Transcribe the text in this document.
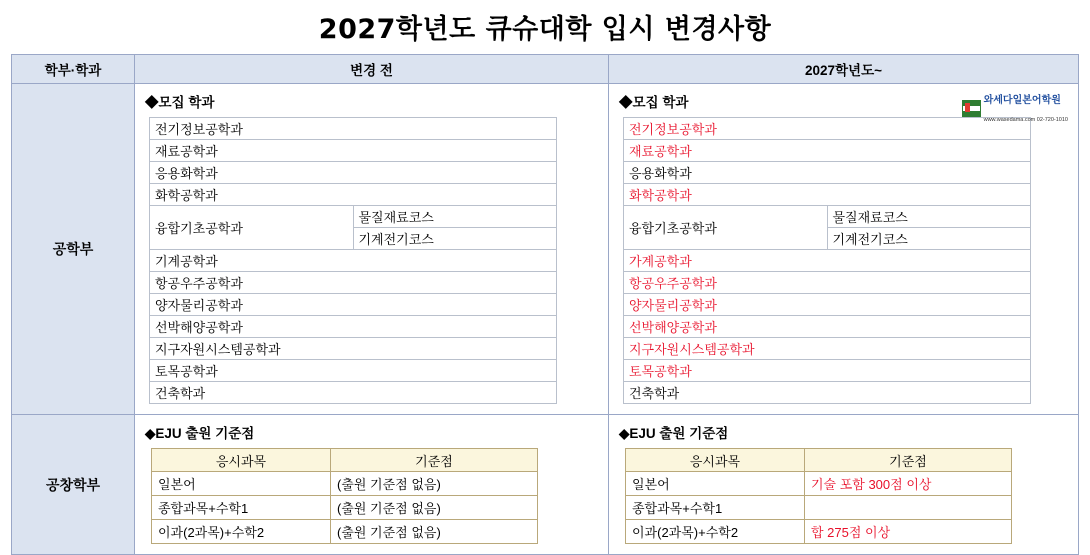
2027학년도 큐슈대학 입시 변경사항
학부·학과	변경 전	2027학년도~
공학부	
◆모집 학과
전기정보공학과
재료공학과
응용화학과
화학공학과
융합기초공학과	물질재료코스
기계전기코스
기계공학과
항공우주공학과
양자물리공학과
선박해양공학과
지구자원시스템공학과
토목공학과
건축학과

와세다일본어학원
www.wasedama.com 02-720-1010
◆모집 학과
전기정보공학과
재료공학과
응용화학과
화학공학과
융합기초공학과	물질재료코스
기계전기코스
가계공학과
항공우주공학과
양자물리공학과
선박해양공학과
지구자원시스템공학과
토목공학과
건축학과

공창학부	
◆EJU 출원 기준점
응시과목	기준점
일본어	(출원 기준점 없음)
종합과목+수학1	(출원 기준점 없음)
이과(2과목)+수학2	(출원 기준점 없음)

◆EJU 출원 기준점
응시과목	기준점
일본어	기술 포함 300점 이상
종합과목+수학1	
이과(2과목)+수학2	합 275점 이상
